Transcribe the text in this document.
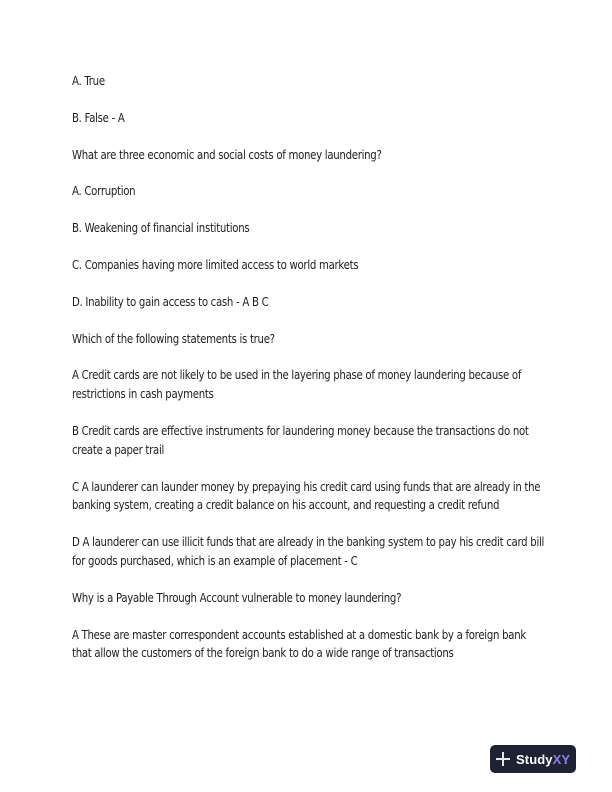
A. True

B. False - A

What are three economic and social costs of money laundering?

A. Corruption

B. Weakening of financial institutions

C. Companies having more limited access to world markets

D. Inability to gain access to cash - A B C

Which of the following statements is true?

A Credit cards are not likely to be used in the layering phase of money laundering because of restrictions in cash payments

B Credit cards are effective instruments for laundering money because the transactions do not create a paper trail

C A launderer can launder money by prepaying his credit card using funds that are already in the banking system, creating a credit balance on his account, and requesting a credit refund

D A launderer can use illicit funds that are already in the banking system to pay his credit card bill for goods purchased, which is an example of placement - C

Why is a Payable Through Account vulnerable to money laundering?

A These are master correspondent accounts established at a domestic bank by a foreign bank that allow the customers of the foreign bank to do a wide range of transactions

StudyXY
